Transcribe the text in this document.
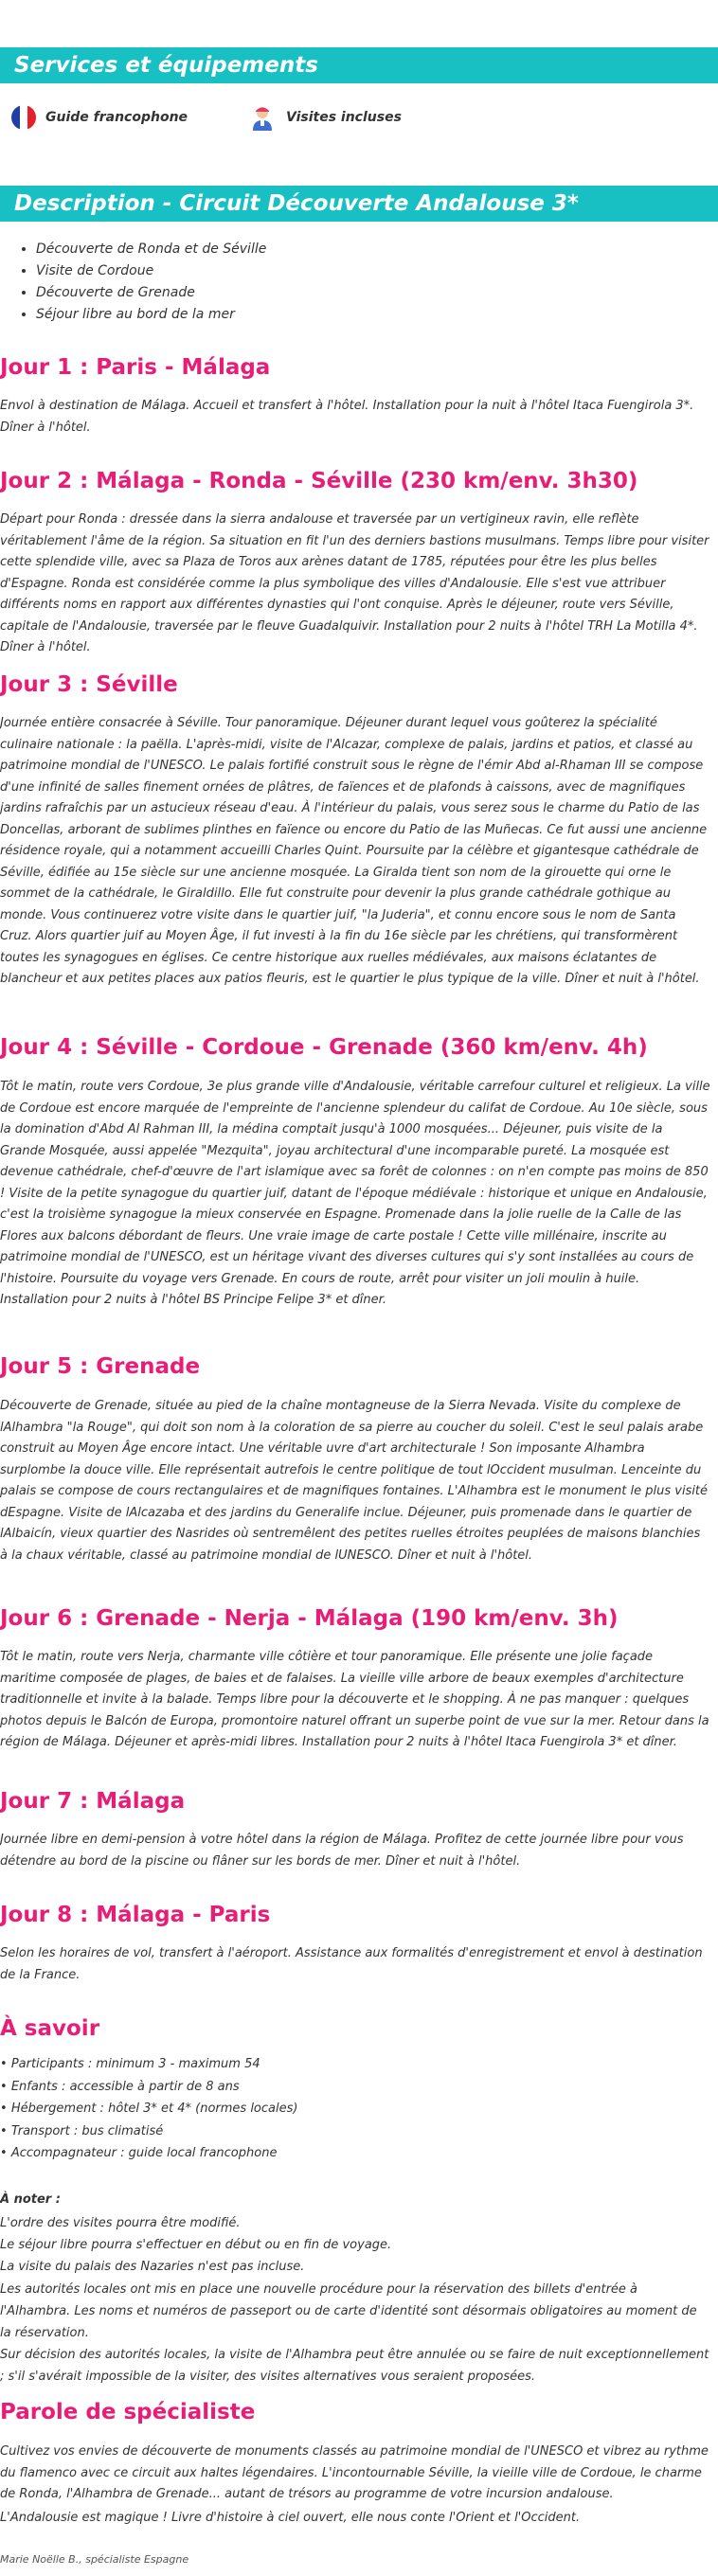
Services et équipements
Guide francophone	Visites incluses
Description - Circuit Découverte Andalouse 3*
• Découverte de Ronda et de Séville
• Visite de Cordoue
• Découverte de Grenade
• Séjour libre au bord de la mer
Jour 1 : Paris - Málaga

Envol à destination de Málaga. Accueil et transfert à l'hôtel. Installation pour la nuit à l'hôtel Itaca Fuengirola 3*. Dîner à l'hôtel.

Jour 2 : Málaga - Ronda - Séville (230 km/env. 3h30)

Départ pour Ronda : dressée dans la sierra andalouse et traversée par un vertigineux ravin, elle reflète véritablement l'âme de la région. Sa situation en fit l'un des derniers bastions musulmans. Temps libre pour visiter cette splendide ville, avec sa Plaza de Toros aux arènes datant de 1785, réputées pour être les plus belles d'Espagne. Ronda est considérée comme la plus symbolique des villes d'Andalousie. Elle s'est vue attribuer différents noms en rapport aux différentes dynasties qui l'ont conquise. Après le déjeuner, route vers Séville, capitale de l'Andalousie, traversée par le fleuve Guadalquivir. Installation pour 2 nuits à l'hôtel TRH La Motilla 4*. Dîner à l'hôtel.

Jour 3 : Séville

Journée entière consacrée à Séville. Tour panoramique. Déjeuner durant lequel vous goûterez la spécialité culinaire nationale : la paëlla. L'après-midi, visite de l'Alcazar, complexe de palais, jardins et patios, et classé au patrimoine mondial de l'UNESCO. Le palais fortifié construit sous le règne de l'émir Abd al-Rhaman III se compose d'une infinité de salles finement ornées de plâtres, de faïences et de plafonds à caissons, avec de magnifiques jardins rafraîchis par un astucieux réseau d'eau. À l'intérieur du palais, vous serez sous le charme du Patio de las Doncellas, arborant de sublimes plinthes en faïence ou encore du Patio de las Muñecas. Ce fut aussi une ancienne résidence royale, qui a notamment accueilli Charles Quint. Poursuite par la célèbre et gigantesque cathédrale de Séville, édifiée au 15e siècle sur une ancienne mosquée. La Giralda tient son nom de la girouette qui orne le sommet de la cathédrale, le Giraldillo. Elle fut construite pour devenir la plus grande cathédrale gothique au monde. Vous continuerez votre visite dans le quartier juif, "la Juderia", et connu encore sous le nom de Santa Cruz. Alors quartier juif au Moyen Âge, il fut investi à la fin du 16e siècle par les chrétiens, qui transformèrent toutes les synagogues en églises. Ce centre historique aux ruelles médiévales, aux maisons éclatantes de blancheur et aux petites places aux patios fleuris, est le quartier le plus typique de la ville. Dîner et nuit à l'hôtel.

Jour 4 : Séville - Cordoue - Grenade (360 km/env. 4h)

Tôt le matin, route vers Cordoue, 3e plus grande ville d'Andalousie, véritable carrefour culturel et religieux. La ville de Cordoue est encore marquée de l'empreinte de l'ancienne splendeur du califat de Cordoue. Au 10e siècle, sous la domination d'Abd Al Rahman III, la médina comptait jusqu'à 1000 mosquées... Déjeuner, puis visite de la Grande Mosquée, aussi appelée "Mezquita", joyau architectural d'une incomparable pureté. La mosquée est devenue cathédrale, chef-d'œuvre de l'art islamique avec sa forêt de colonnes : on n'en compte pas moins de 850 ! Visite de la petite synagogue du quartier juif, datant de l'époque médiévale : historique et unique en Andalousie, c'est la troisième synagogue la mieux conservée en Espagne. Promenade dans la jolie ruelle de la Calle de las Flores aux balcons débordant de fleurs. Une vraie image de carte postale ! Cette ville millénaire, inscrite au patrimoine mondial de l'UNESCO, est un héritage vivant des diverses cultures qui s'y sont installées au cours de l'histoire. Poursuite du voyage vers Grenade. En cours de route, arrêt pour visiter un joli moulin à huile. Installation pour 2 nuits à l'hôtel BS Principe Felipe 3* et dîner.

Jour 5 : Grenade

Découverte de Grenade, située au pied de la chaîne montagneuse de la Sierra Nevada. Visite du complexe de lAlhambra "la Rouge", qui doit son nom à la coloration de sa pierre au coucher du soleil. C'est le seul palais arabe construit au Moyen Âge encore intact. Une véritable uvre d'art architecturale ! Son imposante Alhambra surplombe la douce ville. Elle représentait autrefois le centre politique de tout lOccident musulman. Lenceinte du palais se compose de cours rectangulaires et de magnifiques fontaines. L'Alhambra est le monument le plus visité dEspagne. Visite de lAlcazaba et des jardins du Generalife inclue. Déjeuner, puis promenade dans le quartier de lAlbaicín, vieux quartier des Nasrides où sentremêlent des petites ruelles étroites peuplées de maisons blanchies à la chaux véritable, classé au patrimoine mondial de lUNESCO. Dîner et nuit à l'hôtel.

Jour 6 : Grenade - Nerja - Málaga (190 km/env. 3h)

Tôt le matin, route vers Nerja, charmante ville côtière et tour panoramique. Elle présente une jolie façade maritime composée de plages, de baies et de falaises. La vieille ville arbore de beaux exemples d'architecture traditionnelle et invite à la balade. Temps libre pour la découverte et le shopping. À ne pas manquer : quelques photos depuis le Balcón de Europa, promontoire naturel offrant un superbe point de vue sur la mer. Retour dans la région de Málaga. Déjeuner et après-midi libres. Installation pour 2 nuits à l'hôtel Itaca Fuengirola 3* et dîner.

Jour 7 : Málaga

Journée libre en demi-pension à votre hôtel dans la région de Málaga. Profitez de cette journée libre pour vous détendre au bord de la piscine ou flâner sur les bords de mer. Dîner et nuit à l'hôtel.

Jour 8 : Málaga - Paris

Selon les horaires de vol, transfert à l'aéroport. Assistance aux formalités d'enregistrement et envol à destination de la France.

À savoir
• Participants : minimum 3 - maximum 54
• Enfants : accessible à partir de 8 ans
• Hébergement : hôtel 3* et 4* (normes locales)
• Transport : bus climatisé
• Accompagnateur : guide local francophone

À noter :

L'ordre des visites pourra être modifié.

Le séjour libre pourra s'effectuer en début ou en fin de voyage.

La visite du palais des Nazaries n'est pas incluse.

Les autorités locales ont mis en place une nouvelle procédure pour la réservation des billets d'entrée à l'Alhambra. Les noms et numéros de passeport ou de carte d'identité sont désormais obligatoires au moment de la réservation.

Sur décision des autorités locales, la visite de l'Alhambra peut être annulée ou se faire de nuit exceptionnellement ; s'il s'avérait impossible de la visiter, des visites alternatives vous seraient proposées.

Parole de spécialiste

Cultivez vos envies de découverte de monuments classés au patrimoine mondial de l'UNESCO et vibrez au rythme du flamenco avec ce circuit aux haltes légendaires. L'incontournable Séville, la vieille ville de Cordoue, le charme de Ronda, l'Alhambra de Grenade... autant de trésors au programme de votre incursion andalouse.

L'Andalousie est magique ! Livre d'histoire à ciel ouvert, elle nous conte l'Orient et l'Occident.

Marie Noëlle B., spécialiste Espagne
